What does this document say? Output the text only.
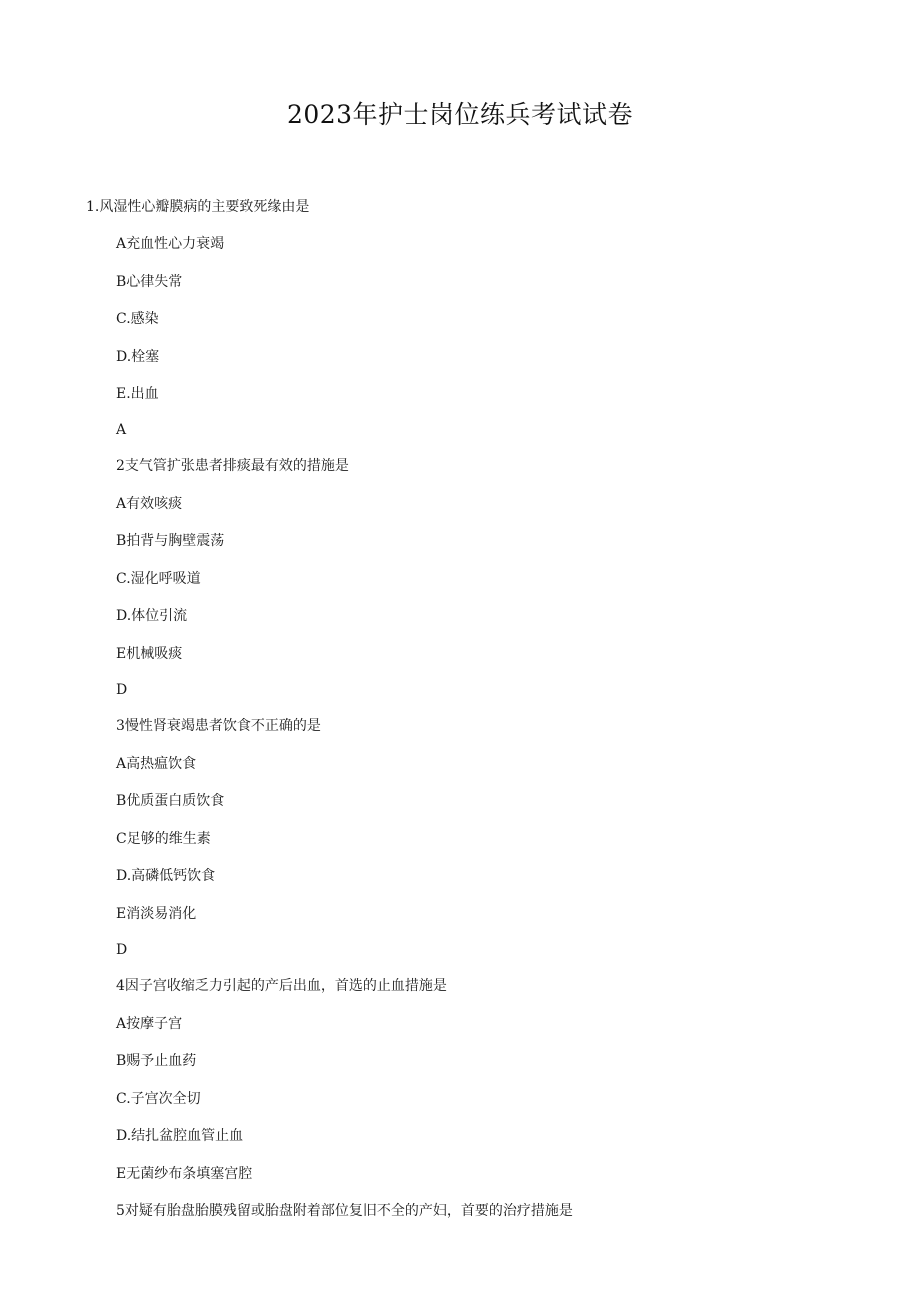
2023年护士岗位练兵考试试卷
1.风湿性心瓣膜病的主要致死缘由是
A充血性心力衰竭
B心律失常
C.感染
D.栓塞
E.出血
A
2支气管扩张患者排痰最有效的措施是
A有效咳痰
B拍背与胸壁震荡
C.湿化呼吸道
D.体位引流
E机械吸痰
D
3慢性肾衰竭患者饮食不正确的是
A高热瘟饮食
B优质蛋白质饮食
C足够的维生素
D.高磷低钙饮食
E消淡易消化
D
4因子宫收缩乏力引起的产后出血，首选的止血措施是
A按摩子宫
B赐予止血药
C.子宫次全切
D.结扎盆腔血管止血
E无菌纱布条填塞宫腔
5对疑有胎盘胎膜残留或胎盘附着部位复旧不全的产妇，首要的治疗措施是
